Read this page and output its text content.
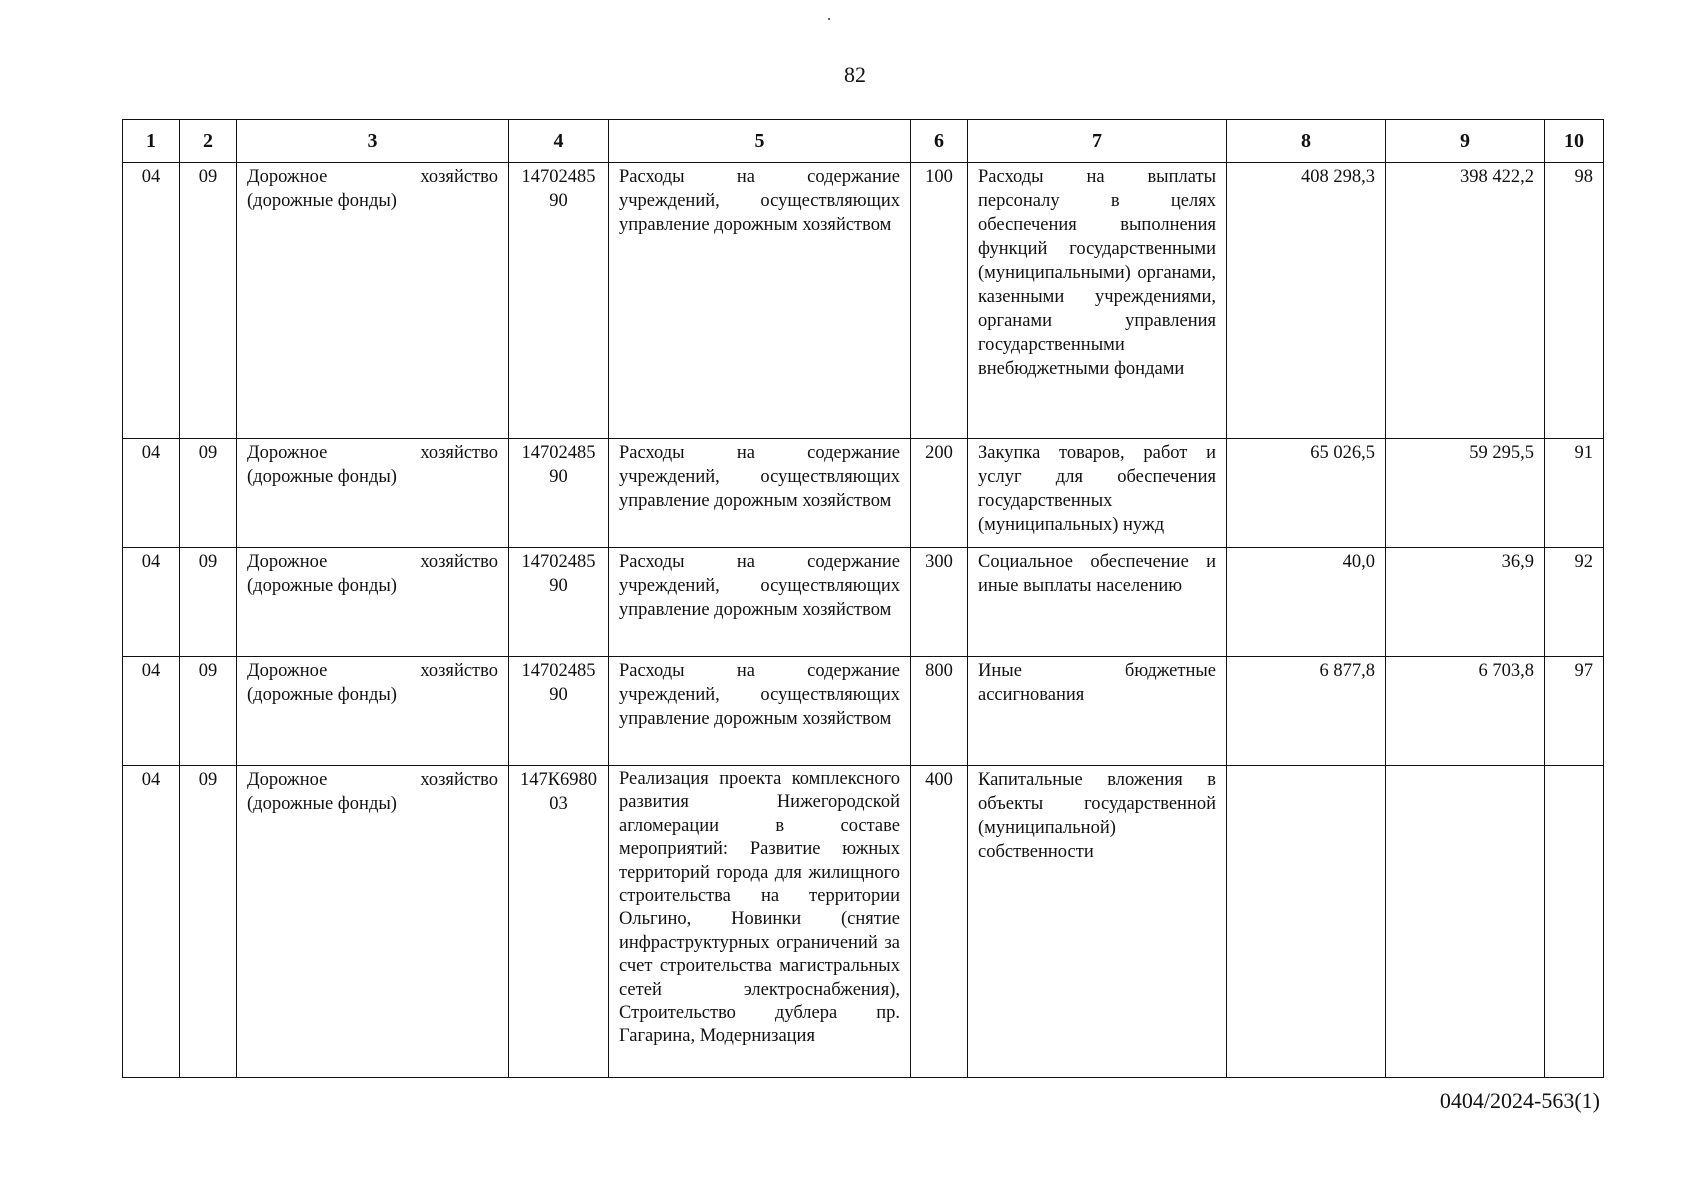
82
1	2	3	4	5	6	7	8	9	10
04	09	Дорожное хозяйство (дорожные фонды)	1470248590	Расходы на содержание учреждений, осуществляющих управление дорожным хозяйством	100	Расходы на выплаты персоналу в целях обеспечения выполнения функций государственными (муниципальными) органами, казенными учреждениями, органами управления государственными внебюджетными фондами	408 298,3	398 422,2	98
04	09	Дорожное хозяйство (дорожные фонды)	1470248590	Расходы на содержание учреждений, осуществляющих управление дорожным хозяйством	200	Закупка товаров, работ и услуг для обеспечения государственных (муниципальных) нужд	65 026,5	59 295,5	91
04	09	Дорожное хозяйство (дорожные фонды)	1470248590	Расходы на содержание учреждений, осуществляющих управление дорожным хозяйством	300	Социальное обеспечение и иные выплаты населению	40,0	36,9	92
04	09	Дорожное хозяйство (дорожные фонды)	1470248590	Расходы на содержание учреждений, осуществляющих управление дорожным хозяйством	800	Иные бюджетные ассигнования	6 877,8	6 703,8	97
04	09	Дорожное хозяйство (дорожные фонды)	147К698003	Реализация проекта комплексного развития Нижегородской агломерации в составе мероприятий: Развитие южных территорий города для жилищного строительства на территории Ольгино, Новинки (снятие инфраструктурных ограничений за счет строительства магистральных сетей электроснабжения), Строительство дублера пр. Гагарина, Модернизация	400	Капитальные вложения в объекты государственной (муниципальной) собственности			
0404/2024-563(1)
